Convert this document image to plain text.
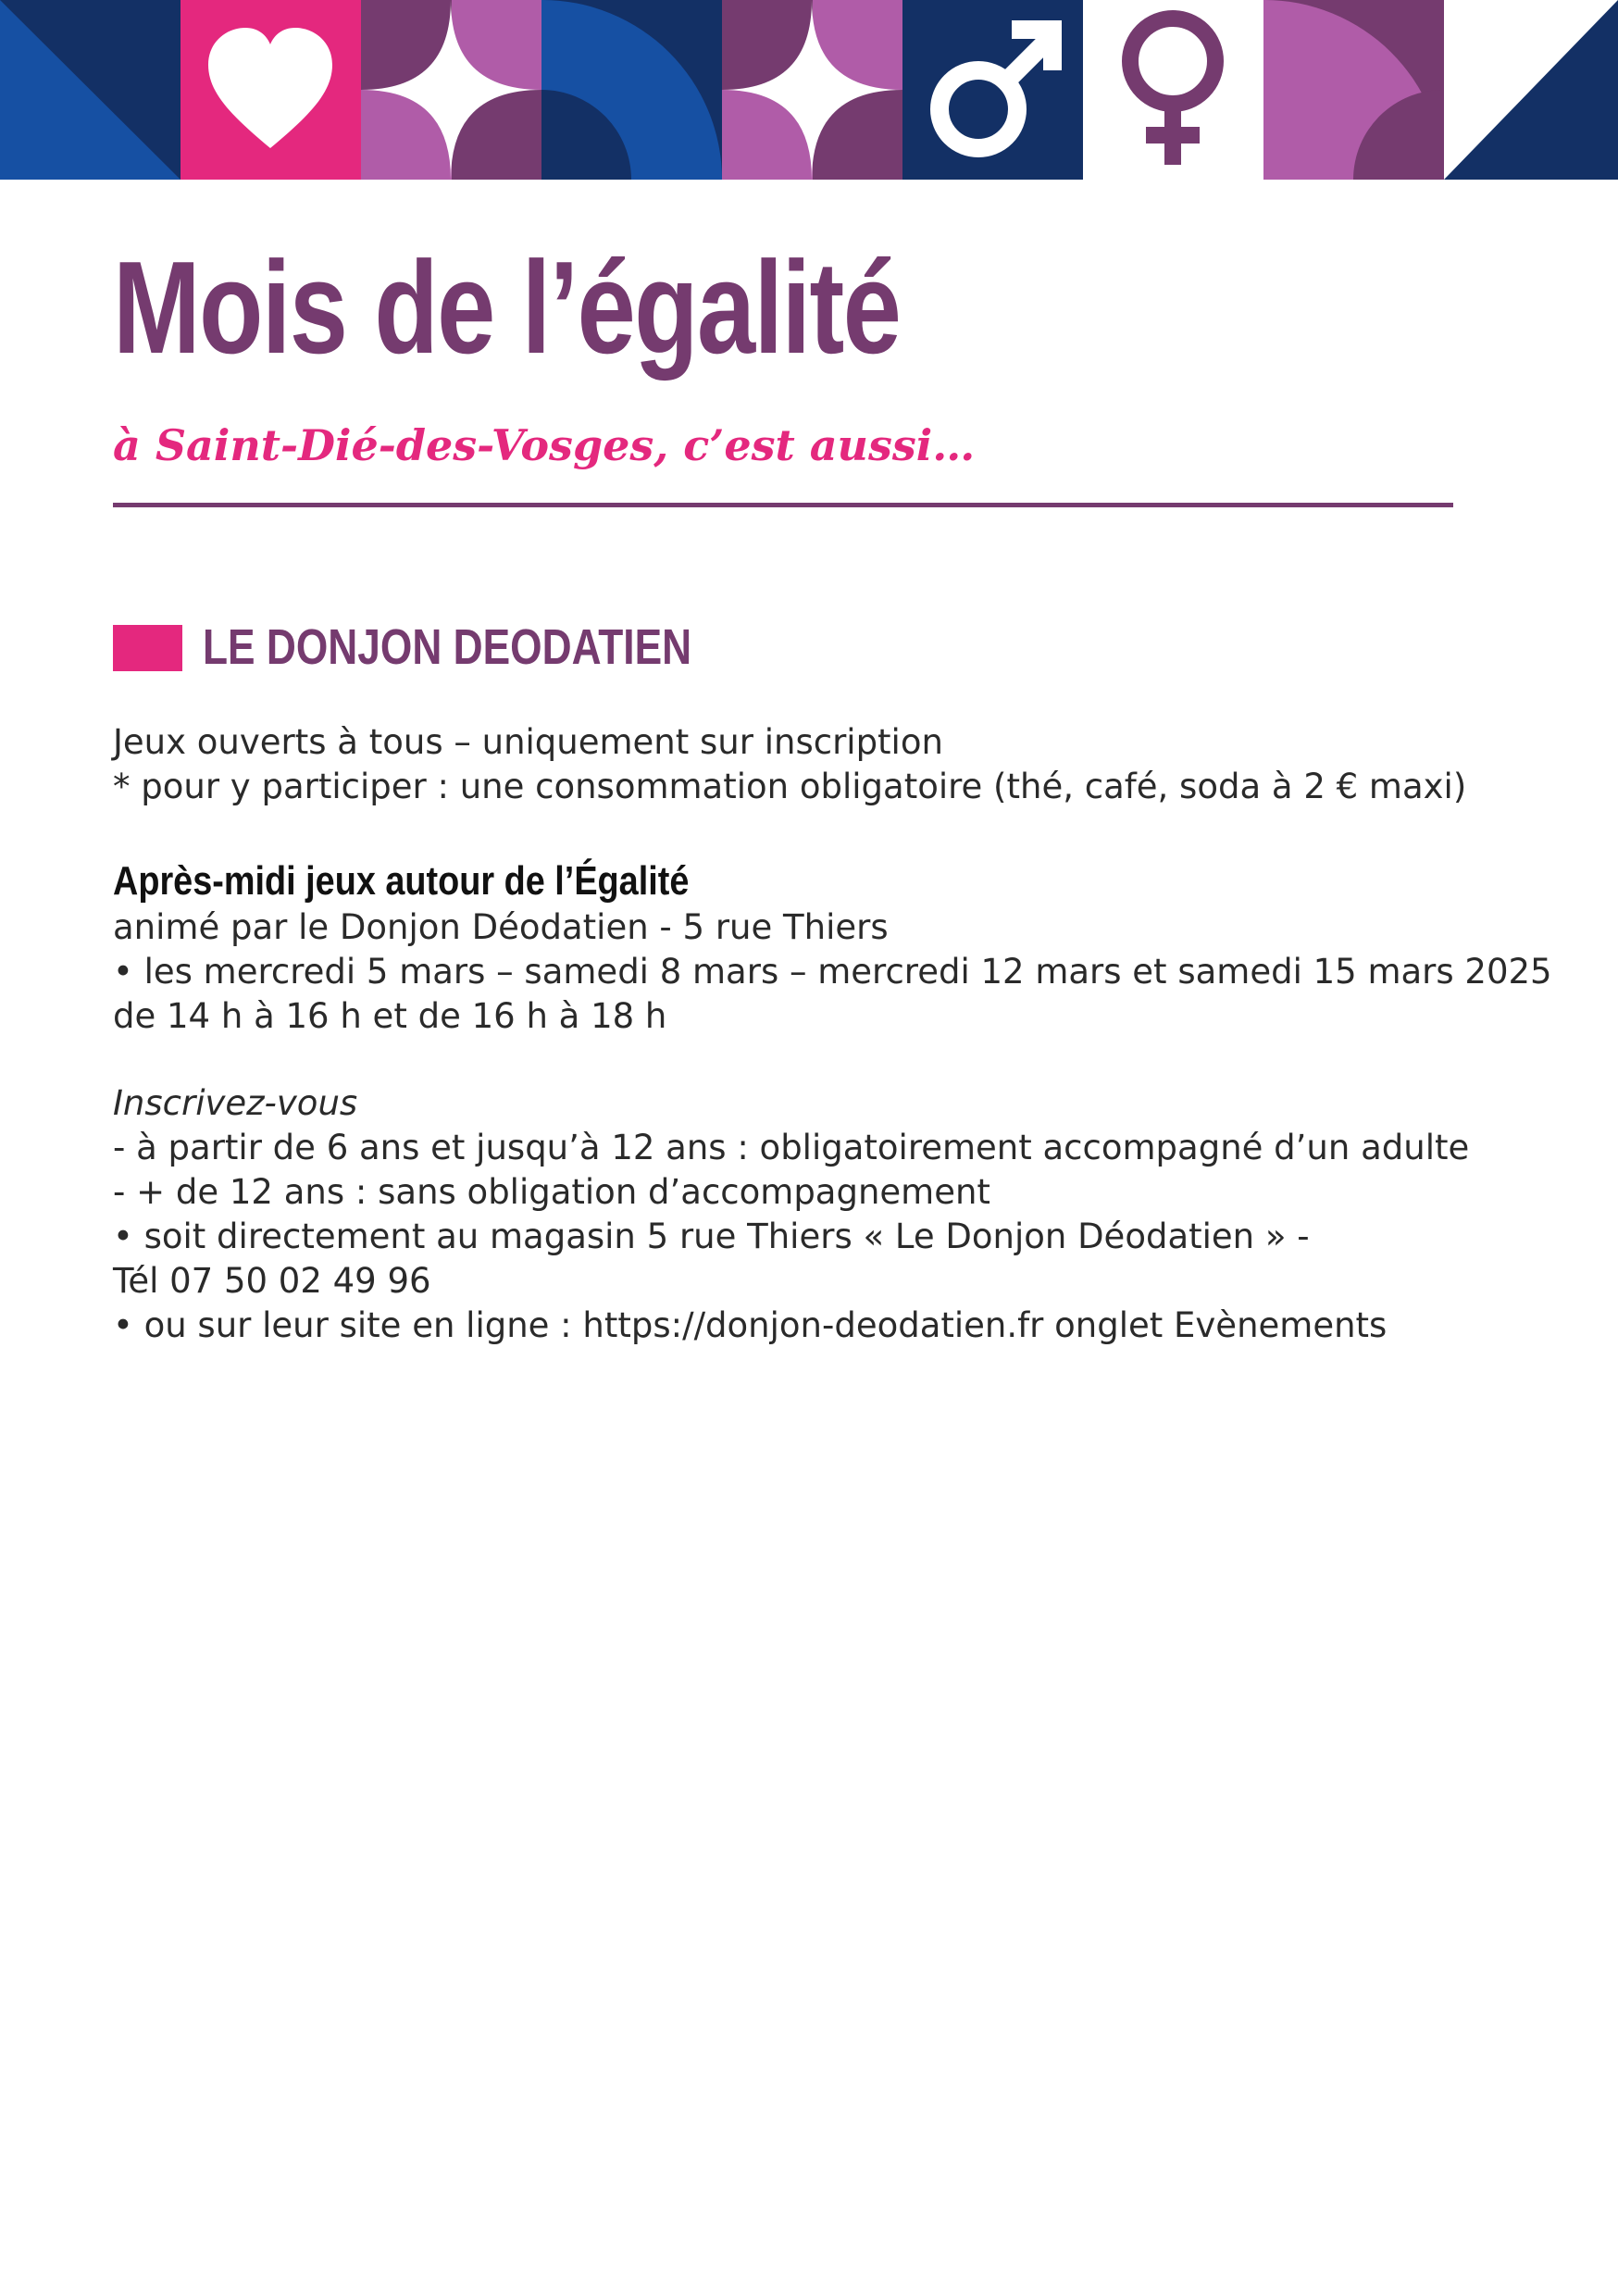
Mois de l’égalité

à Saint-Dié-des-Vosges, c’est aussi…

LE DONJON DEODATIEN
Jeux ouverts à tous – uniquement sur inscription
* pour y participer : une consommation obligatoire (thé, café, soda à 2 € maxi)
Après-midi jeux autour de l’Égalité
animé par le Donjon Déodatien - 5 rue Thiers
• les mercredi 5 mars – samedi 8 mars – mercredi 12 mars et samedi 15 mars 2025
de 14 h à 16 h et de 16 h à 18 h
Inscrivez-vous
- à partir de 6 ans et jusqu’à 12 ans : obligatoirement accompagné d’un adulte
- + de 12 ans : sans obligation d’accompagnement
• soit directement au magasin 5 rue Thiers « Le Donjon Déodatien » -
Tél 07 50 02 49 96
• ou sur leur site en ligne : https://donjon-deodatien.fr onglet Evènements
